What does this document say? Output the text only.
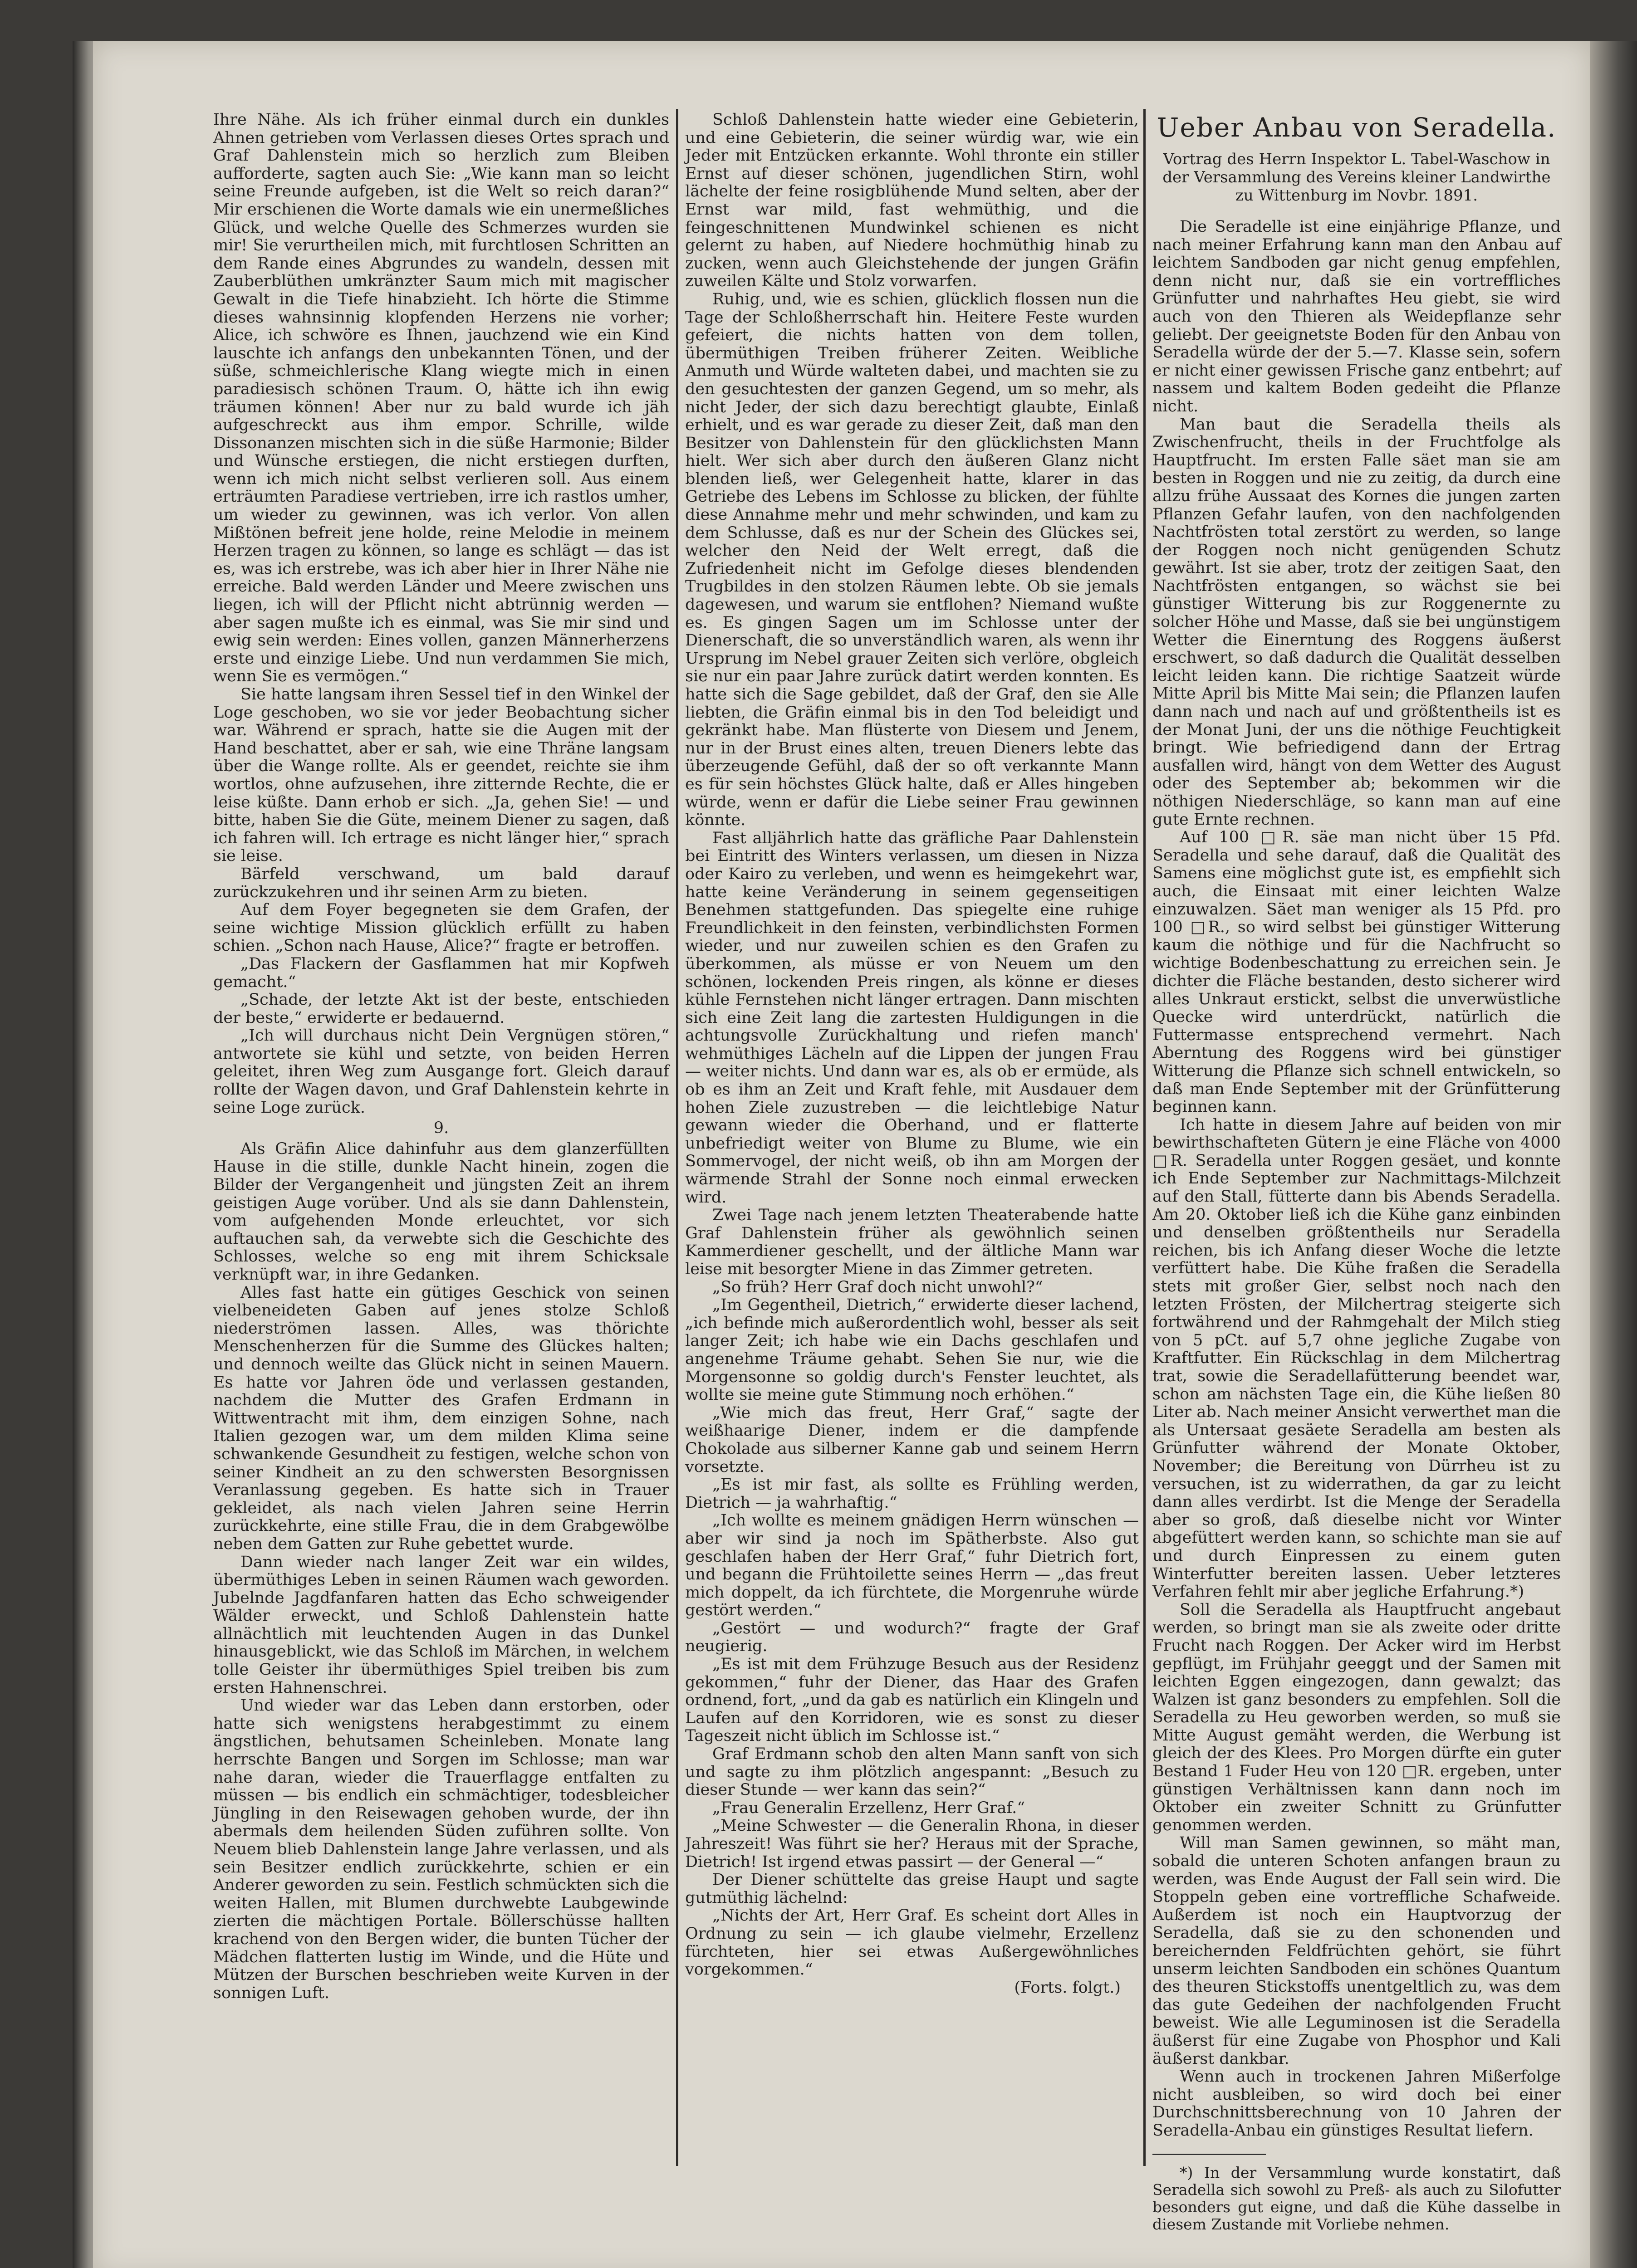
Ihre Nähe. Als ich früher einmal durch ein dunkles Ahnen getrieben vom Verlassen dieses Ortes sprach und Graf Dahlenstein mich so herzlich zum Bleiben aufforderte, sagten auch Sie: „Wie kann man so leicht seine Freunde aufgeben, ist die Welt so reich daran?“ Mir erschienen die Worte damals wie ein unermeßliches Glück, und welche Quelle des Schmerzes wurden sie mir! Sie verurtheilen mich, mit furchtlosen Schritten an dem Rande eines Abgrundes zu wandeln, dessen mit Zauberblüthen umkränzter Saum mich mit magischer Gewalt in die Tiefe hinabzieht. Ich hörte die Stimme dieses wahnsinnig klopfenden Herzens nie vorher; Alice, ich schwöre es Ihnen, jauchzend wie ein Kind lauschte ich anfangs den unbekannten Tönen, und der süße, schmeichlerische Klang wiegte mich in einen paradiesisch schönen Traum. O, hätte ich ihn ewig träumen können! Aber nur zu bald wurde ich jäh aufgeschreckt aus ihm empor. Schrille, wilde Dissonanzen mischten sich in die süße Harmonie; Bilder und Wünsche erstiegen, die nicht erstiegen durften, wenn ich mich nicht selbst verlieren soll. Aus einem erträumten Paradiese vertrieben, irre ich rastlos umher, um wieder zu gewinnen, was ich verlor. Von allen Mißtönen befreit jene holde, reine Melodie in meinem Herzen tragen zu können, so lange es schlägt — das ist es, was ich erstrebe, was ich aber hier in Ihrer Nähe nie erreiche. Bald werden Länder und Meere zwischen uns liegen, ich will der Pflicht nicht abtrünnig werden — aber sagen mußte ich es einmal, was Sie mir sind und ewig sein werden: Eines vollen, ganzen Männerherzens erste und einzige Liebe. Und nun verdammen Sie mich, wenn Sie es vermögen.“

Sie hatte langsam ihren Sessel tief in den Winkel der Loge geschoben, wo sie vor jeder Beobachtung sicher war. Während er sprach, hatte sie die Augen mit der Hand beschattet, aber er sah, wie eine Thräne langsam über die Wange rollte. Als er geendet, reichte sie ihm wortlos, ohne aufzusehen, ihre zitternde Rechte, die er leise küßte. Dann erhob er sich. „Ja, gehen Sie! — und bitte, haben Sie die Güte, meinem Diener zu sagen, daß ich fahren will. Ich ertrage es nicht länger hier,“ sprach sie leise.

Bärfeld verschwand, um bald darauf zurückzukehren und ihr seinen Arm zu bieten.

Auf dem Foyer begegneten sie dem Grafen, der seine wichtige Mission glücklich erfüllt zu haben schien. „Schon nach Hause, Alice?“ fragte er betroffen.

„Das Flackern der Gasflammen hat mir Kopfweh gemacht.“

„Schade, der letzte Akt ist der beste, entschieden der beste,“ erwiderte er bedauernd.

„Ich will durchaus nicht Dein Vergnügen stören,“ antwortete sie kühl und setzte, von beiden Herren geleitet, ihren Weg zum Ausgange fort. Gleich darauf rollte der Wagen davon, und Graf Dahlenstein kehrte in seine Loge zurück.

9.

Als Gräfin Alice dahinfuhr aus dem glanzerfüllten Hause in die stille, dunkle Nacht hinein, zogen die Bilder der Vergangenheit und jüngsten Zeit an ihrem geistigen Auge vorüber. Und als sie dann Dahlenstein, vom aufgehenden Monde erleuchtet, vor sich auftauchen sah, da verwebte sich die Geschichte des Schlosses, welche so eng mit ihrem Schicksale verknüpft war, in ihre Gedanken.

Alles fast hatte ein gütiges Geschick von seinen vielbeneideten Gaben auf jenes stolze Schloß niederströmen lassen. Alles, was thörichte Menschenherzen für die Summe des Glückes halten; und dennoch weilte das Glück nicht in seinen Mauern. Es hatte vor Jahren öde und verlassen gestanden, nachdem die Mutter des Grafen Erdmann in Wittwentracht mit ihm, dem einzigen Sohne, nach Italien gezogen war, um dem milden Klima seine schwankende Gesundheit zu festigen, welche schon von seiner Kindheit an zu den schwersten Besorgnissen Veranlassung gegeben. Es hatte sich in Trauer gekleidet, als nach vielen Jahren seine Herrin zurückkehrte, eine stille Frau, die in dem Grabgewölbe neben dem Gatten zur Ruhe gebettet wurde.

Dann wieder nach langer Zeit war ein wildes, übermüthiges Leben in seinen Räumen wach geworden. Jubelnde Jagdfanfaren hatten das Echo schweigender Wälder erweckt, und Schloß Dahlenstein hatte allnächtlich mit leuchtenden Augen in das Dunkel hinausgeblickt, wie das Schloß im Märchen, in welchem tolle Geister ihr übermüthiges Spiel treiben bis zum ersten Hahnenschrei.

Und wieder war das Leben dann erstorben, oder hatte sich wenigstens herabgestimmt zu einem ängstlichen, behutsamen Scheinleben. Monate lang herrschte Bangen und Sorgen im Schlosse; man war nahe daran, wieder die Trauerflagge entfalten zu müssen — bis endlich ein schmächtiger, todesbleicher Jüngling in den Reisewagen gehoben wurde, der ihn abermals dem heilenden Süden zuführen sollte. Von Neuem blieb Dahlenstein lange Jahre verlassen, und als sein Besitzer endlich zurückkehrte, schien er ein Anderer geworden zu sein. Festlich schmückten sich die weiten Hallen, mit Blumen durchwebte Laubgewinde zierten die mächtigen Portale. Böllerschüsse hallten krachend von den Bergen wider, die bunten Tücher der Mädchen flatterten lustig im Winde, und die Hüte und Mützen der Burschen beschrieben weite Kurven in der sonnigen Luft.

Schloß Dahlenstein hatte wieder eine Gebieterin, und eine Gebieterin, die seiner würdig war, wie ein Jeder mit Entzücken erkannte. Wohl thronte ein stiller Ernst auf dieser schönen, jugendlichen Stirn, wohl lächelte der feine rosigblühende Mund selten, aber der Ernst war mild, fast wehmüthig, und die feingeschnittenen Mundwinkel schienen es nicht gelernt zu haben, auf Niedere hochmüthig hinab zu zucken, wenn auch Gleichstehende der jungen Gräfin zuweilen Kälte und Stolz vorwarfen.

Ruhig, und, wie es schien, glücklich flossen nun die Tage der Schloßherrschaft hin. Heitere Feste wurden gefeiert, die nichts hatten von dem tollen, übermüthigen Treiben früherer Zeiten. Weibliche Anmuth und Würde walteten dabei, und machten sie zu den gesuchtesten der ganzen Gegend, um so mehr, als nicht Jeder, der sich dazu berechtigt glaubte, Einlaß erhielt, und es war gerade zu dieser Zeit, daß man den Besitzer von Dahlenstein für den glücklichsten Mann hielt. Wer sich aber durch den äußeren Glanz nicht blenden ließ, wer Gelegenheit hatte, klarer in das Getriebe des Lebens im Schlosse zu blicken, der fühlte diese Annahme mehr und mehr schwinden, und kam zu dem Schlusse, daß es nur der Schein des Glückes sei, welcher den Neid der Welt erregt, daß die Zufriedenheit nicht im Gefolge dieses blendenden Trugbildes in den stolzen Räumen lebte. Ob sie jemals dagewesen, und warum sie entflohen? Niemand wußte es. Es gingen Sagen um im Schlosse unter der Dienerschaft, die so unverständlich waren, als wenn ihr Ursprung im Nebel grauer Zeiten sich verlöre, obgleich sie nur ein paar Jahre zurück datirt werden konnten. Es hatte sich die Sage gebildet, daß der Graf, den sie Alle liebten, die Gräfin einmal bis in den Tod beleidigt und gekränkt habe. Man flüsterte von Diesem und Jenem, nur in der Brust eines alten, treuen Dieners lebte das überzeugende Gefühl, daß der so oft verkannte Mann es für sein höchstes Glück halte, daß er Alles hingeben würde, wenn er dafür die Liebe seiner Frau gewinnen könnte.

Fast alljährlich hatte das gräfliche Paar Dahlenstein bei Eintritt des Winters verlassen, um diesen in Nizza oder Kairo zu verleben, und wenn es heimgekehrt war, hatte keine Veränderung in seinem gegenseitigen Benehmen stattgefunden. Das spiegelte eine ruhige Freundlichkeit in den feinsten, verbindlichsten Formen wieder, und nur zuweilen schien es den Grafen zu überkommen, als müsse er von Neuem um den schönen, lockenden Preis ringen, als könne er dieses kühle Fernstehen nicht länger ertragen. Dann mischten sich eine Zeit lang die zartesten Huldigungen in die achtungsvolle Zurückhaltung und riefen manch' wehmüthiges Lächeln auf die Lippen der jungen Frau — weiter nichts. Und dann war es, als ob er ermüde, als ob es ihm an Zeit und Kraft fehle, mit Ausdauer dem hohen Ziele zuzustreben — die leichtlebige Natur gewann wieder die Oberhand, und er flatterte unbefriedigt weiter von Blume zu Blume, wie ein Sommervogel, der nicht weiß, ob ihn am Morgen der wärmende Strahl der Sonne noch einmal erwecken wird.

Zwei Tage nach jenem letzten Theaterabende hatte Graf Dahlenstein früher als gewöhnlich seinen Kammerdiener geschellt, und der ältliche Mann war leise mit besorgter Miene in das Zimmer getreten.

„So früh? Herr Graf doch nicht unwohl?“

„Im Gegentheil, Dietrich,“ erwiderte dieser lachend, „ich befinde mich außerordentlich wohl, besser als seit langer Zeit; ich habe wie ein Dachs geschlafen und angenehme Träume gehabt. Sehen Sie nur, wie die Morgensonne so goldig durch's Fenster leuchtet, als wollte sie meine gute Stimmung noch erhöhen.“

„Wie mich das freut, Herr Graf,“ sagte der weißhaarige Diener, indem er die dampfende Chokolade aus silberner Kanne gab und seinem Herrn vorsetzte.

„Es ist mir fast, als sollte es Frühling werden, Dietrich — ja wahrhaftig.“

„Ich wollte es meinem gnädigen Herrn wünschen — aber wir sind ja noch im Spätherbste. Also gut geschlafen haben der Herr Graf,“ fuhr Dietrich fort, und begann die Frühtoilette seines Herrn — „das freut mich doppelt, da ich fürchtete, die Morgenruhe würde gestört werden.“

„Gestört — und wodurch?“ fragte der Graf neugierig.

„Es ist mit dem Frühzuge Besuch aus der Residenz gekommen,“ fuhr der Diener, das Haar des Grafen ordnend, fort, „und da gab es natürlich ein Klingeln und Laufen auf den Korridoren, wie es sonst zu dieser Tageszeit nicht üblich im Schlosse ist.“

Graf Erdmann schob den alten Mann sanft von sich und sagte zu ihm plötzlich angespannt: „Besuch zu dieser Stunde — wer kann das sein?“

„Frau Generalin Erzellenz, Herr Graf.“

„Meine Schwester — die Generalin Rhona, in dieser Jahreszeit! Was führt sie her? Heraus mit der Sprache, Dietrich! Ist irgend etwas passirt — der General —“

Der Diener schüttelte das greise Haupt und sagte gutmüthig lächelnd:

„Nichts der Art, Herr Graf. Es scheint dort Alles in Ordnung zu sein — ich glaube vielmehr, Erzellenz fürchteten, hier sei etwas Außergewöhnliches vorgekommen.“

(Forts. folgt.)
Ueber Anbau von Seradella.
Vortrag des Herrn Inspektor L. Tabel-Waschow in der Versammlung des Vereins kleiner Landwirthe zu Wittenburg im Novbr. 1891.

Die Seradelle ist eine einjährige Pflanze, und nach meiner Erfahrung kann man den Anbau auf leichtem Sandboden gar nicht genug empfehlen, denn nicht nur, daß sie ein vortreffliches Grünfutter und nahrhaftes Heu giebt, sie wird auch von den Thieren als Weidepflanze sehr geliebt. Der geeignetste Boden für den Anbau von Seradella würde der der 5.—7. Klasse sein, sofern er nicht einer gewissen Frische ganz entbehrt; auf nassem und kaltem Boden gedeiht die Pflanze nicht.

Man baut die Seradella theils als Zwischenfrucht, theils in der Fruchtfolge als Hauptfrucht. Im ersten Falle säet man sie am besten in Roggen und nie zu zeitig, da durch eine allzu frühe Aussaat des Kornes die jungen zarten Pflanzen Gefahr laufen, von den nachfolgenden Nachtfrösten total zerstört zu werden, so lange der Roggen noch nicht genügenden Schutz gewährt. Ist sie aber, trotz der zeitigen Saat, den Nachtfrösten entgangen, so wächst sie bei günstiger Witterung bis zur Roggenernte zu solcher Höhe und Masse, daß sie bei ungünstigem Wetter die Einerntung des Roggens äußerst erschwert, so daß dadurch die Qualität desselben leicht leiden kann. Die richtige Saatzeit würde Mitte April bis Mitte Mai sein; die Pflanzen laufen dann nach und nach auf und größtentheils ist es der Monat Juni, der uns die nöthige Feuchtigkeit bringt. Wie befriedigend dann der Ertrag ausfallen wird, hängt von dem Wetter des August oder des September ab; bekommen wir die nöthigen Niederschläge, so kann man auf eine gute Ernte rechnen.

Auf 100 □R. säe man nicht über 15 Pfd. Seradella und sehe darauf, daß die Qualität des Samens eine möglichst gute ist, es empfiehlt sich auch, die Einsaat mit einer leichten Walze einzuwalzen. Säet man weniger als 15 Pfd. pro 100 □R., so wird selbst bei günstiger Witterung kaum die nöthige und für die Nachfrucht so wichtige Bodenbeschattung zu erreichen sein. Je dichter die Fläche bestanden, desto sicherer wird alles Unkraut erstickt, selbst die unverwüstliche Quecke wird unterdrückt, natürlich die Futtermasse entsprechend vermehrt. Nach Aberntung des Roggens wird bei günstiger Witterung die Pflanze sich schnell entwickeln, so daß man Ende September mit der Grünfütterung beginnen kann.

Ich hatte in diesem Jahre auf beiden von mir bewirthschafteten Gütern je eine Fläche von 4000 □R. Seradella unter Roggen gesäet, und konnte ich Ende September zur Nachmittags-Milchzeit auf den Stall, fütterte dann bis Abends Seradella. Am 20. Oktober ließ ich die Kühe ganz einbinden und denselben größtentheils nur Seradella reichen, bis ich Anfang dieser Woche die letzte verfüttert habe. Die Kühe fraßen die Seradella stets mit großer Gier, selbst noch nach den letzten Frösten, der Milchertrag steigerte sich fortwährend und der Rahmgehalt der Milch stieg von 5 pCt. auf 5,7 ohne jegliche Zugabe von Kraftfutter. Ein Rückschlag in dem Milchertrag trat, sowie die Seradellafütterung beendet war, schon am nächsten Tage ein, die Kühe ließen 80 Liter ab. Nach meiner Ansicht verwerthet man die als Untersaat gesäete Seradella am besten als Grünfutter während der Monate Oktober, November; die Bereitung von Dürrheu ist zu versuchen, ist zu widerrathen, da gar zu leicht dann alles verdirbt. Ist die Menge der Seradella aber so groß, daß dieselbe nicht vor Winter abgefüttert werden kann, so schichte man sie auf und durch Einpressen zu einem guten Winterfutter bereiten lassen. Ueber letzteres Verfahren fehlt mir aber jegliche Erfahrung.*)

Soll die Seradella als Hauptfrucht angebaut werden, so bringt man sie als zweite oder dritte Frucht nach Roggen. Der Acker wird im Herbst gepflügt, im Frühjahr geeggt und der Samen mit leichten Eggen eingezogen, dann gewalzt; das Walzen ist ganz besonders zu empfehlen. Soll die Seradella zu Heu geworben werden, so muß sie Mitte August gemäht werden, die Werbung ist gleich der des Klees. Pro Morgen dürfte ein guter Bestand 1 Fuder Heu von 120 □R. ergeben, unter günstigen Verhältnissen kann dann noch im Oktober ein zweiter Schnitt zu Grünfutter genommen werden.

Will man Samen gewinnen, so mäht man, sobald die unteren Schoten anfangen braun zu werden, was Ende August der Fall sein wird. Die Stoppeln geben eine vortreffliche Schafweide. Außerdem ist noch ein Hauptvorzug der Seradella, daß sie zu den schonenden und bereichernden Feldfrüchten gehört, sie führt unserm leichten Sandboden ein schönes Quantum des theuren Stickstoffs unentgeltlich zu, was dem das gute Gedeihen der nachfolgenden Frucht beweist. Wie alle Leguminosen ist die Seradella äußerst für eine Zugabe von Phosphor und Kali äußerst dankbar.

Wenn auch in trockenen Jahren Mißerfolge nicht ausbleiben, so wird doch bei einer Durchschnittsberechnung von 10 Jahren der Seradella-Anbau ein günstiges Resultat liefern.

*) In der Versammlung wurde konstatirt, daß Seradella sich sowohl zu Preß- als auch zu Silofutter besonders gut eigne, und daß die Kühe dasselbe in diesem Zustande mit Vorliebe nehmen.
